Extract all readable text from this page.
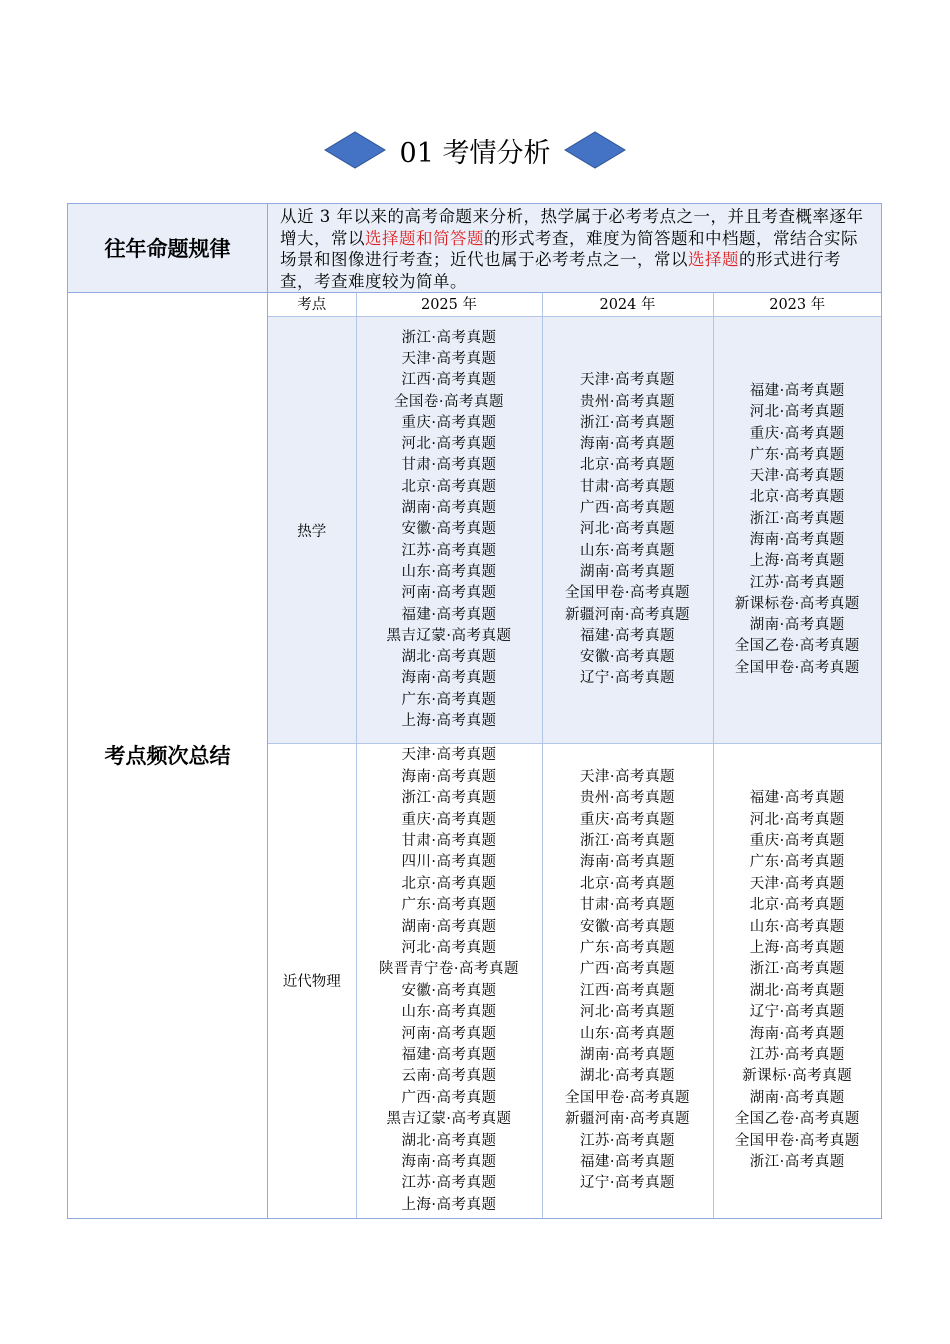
01 考情分析
往年命题规律	从近 3 年以来的高考命题来分析，热学属于必考考点之一，并且考查概率逐年增大，常以选择题和简答题的形式考查，难度为简答题和中档题，常结合实际场景和图像进行考查；近代也属于必考考点之一，常以选择题的形式进行考查，考查难度较为简单。
考点频次总结	
考点	2025 年	2024 年	2023 年
热学	
浙江·高考真题
天津·高考真题
江西·高考真题
全国卷·高考真题
重庆·高考真题
河北·高考真题
甘肃·高考真题
北京·高考真题
湖南·高考真题
安徽·高考真题
江苏·高考真题
山东·高考真题
河南·高考真题
福建·高考真题
黑吉辽蒙·高考真题
湖北·高考真题
海南·高考真题
广东·高考真题
上海·高考真题

天津·高考真题
贵州·高考真题
浙江·高考真题
海南·高考真题
北京·高考真题
甘肃·高考真题
广西·高考真题
河北·高考真题
山东·高考真题
湖南·高考真题
全国甲卷·高考真题
新疆河南·高考真题
福建·高考真题
安徽·高考真题
辽宁·高考真题

福建·高考真题
河北·高考真题
重庆·高考真题
广东·高考真题
天津·高考真题
北京·高考真题
浙江·高考真题
海南·高考真题
上海·高考真题
江苏·高考真题
新课标卷·高考真题
湖南·高考真题
全国乙卷·高考真题
全国甲卷·高考真题

近代物理	
天津·高考真题
海南·高考真题
浙江·高考真题
重庆·高考真题
甘肃·高考真题
四川·高考真题
北京·高考真题
广东·高考真题
湖南·高考真题
河北·高考真题
陕晋青宁卷·高考真题
安徽·高考真题
山东·高考真题
河南·高考真题
福建·高考真题
云南·高考真题
广西·高考真题
黑吉辽蒙·高考真题
湖北·高考真题
海南·高考真题
江苏·高考真题
上海·高考真题

天津·高考真题
贵州·高考真题
重庆·高考真题
浙江·高考真题
海南·高考真题
北京·高考真题
甘肃·高考真题
安徽·高考真题
广东·高考真题
广西·高考真题
江西·高考真题
河北·高考真题
山东·高考真题
湖南·高考真题
湖北·高考真题
全国甲卷·高考真题
新疆河南·高考真题
江苏·高考真题
福建·高考真题
辽宁·高考真题

福建·高考真题
河北·高考真题
重庆·高考真题
广东·高考真题
天津·高考真题
北京·高考真题
山东·高考真题
上海·高考真题
浙江·高考真题
湖北·高考真题
辽宁·高考真题
海南·高考真题
江苏·高考真题
新课标·高考真题
湖南·高考真题
全国乙卷·高考真题
全国甲卷·高考真题
浙江·高考真题
